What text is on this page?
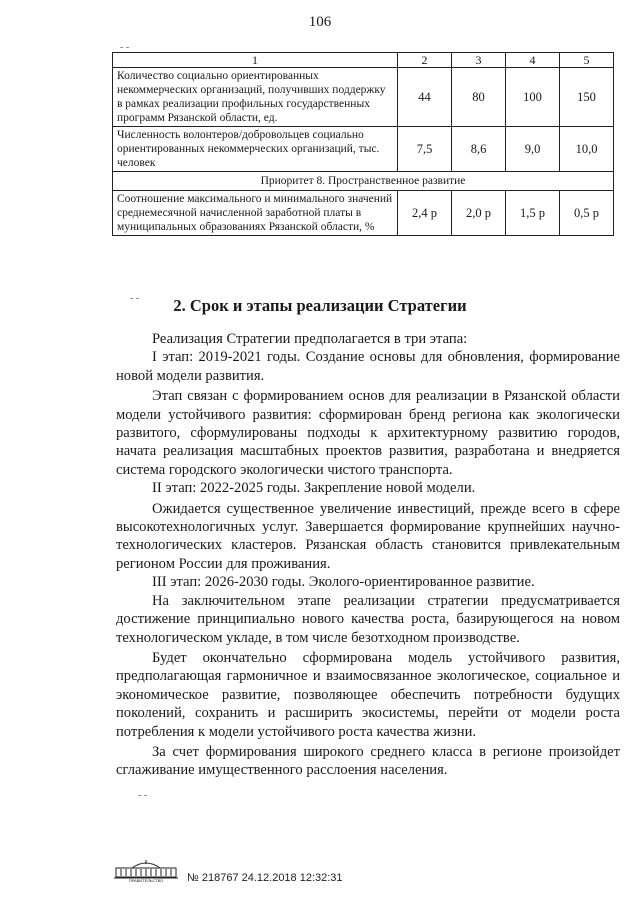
106
- -
1	2	3	4	5
Количество социально ориентированных некоммерческих организаций, получивших поддержку в рамках реализации профильных государственных программ Рязанской области, ед.	44	80	100	150
Численность волонтеров/добровольцев социально ориентированных некоммерческих организаций, тыс. человек	7,5	8,6	9,0	10,0
Приоритет 8. Пространственное развитие				
Соотношение максимального и минимального значений среднемесячной начисленной заработной платы в муниципальных образованиях Рязанской области, %	2,4 р	2,0 р	1,5 р	0,5 р
- -	2. Срок и этапы реализации Стратегии

Реализация Стратегии предполагается в три этапа:

I этап: 2019-2021 годы. Создание основы для обновления, формирование новой модели развития.

Этап связан с формированием основ для реализации в Рязанской области модели устойчивого развития: сформирован бренд региона как экологически развитого, сформулированы подходы к архитектурному развитию городов, начата реализация масштабных проектов развития, разработана и внедряется система городского экологически чистого транспорта.

II этап: 2022-2025 годы. Закрепление новой модели.

Ожидается существенное увеличение инвестиций, прежде всего в сфере высокотехнологичных услуг. Завершается формирование крупнейших научно-технологических кластеров. Рязанская область становится привлекательным регионом России для проживания.

III этап: 2026-2030 годы. Эколого-ориентированное развитие.

На заключительном этапе реализации стратегии предусматривается достижение принципиально нового качества роста, базирующегося на новом технологическом укладе, в том числе безотходном производстве.

Будет окончательно сформирована модель устойчивого развития, предполагающая гармоничное и взаимосвязанное экологическое, социальное и экономическое развитие, позволяющее обеспечить потребности будущих поколений, сохранить и расширить экосистемы, перейти от модели роста потребления к модели устойчивого роста качества жизни.

За счет формирования широкого среднего класса в регионе произойдет сглаживание имущественного расслоения населения.

- -
ПРАВИТЕЛЬСТВО № 218767 24.12.2018 12:32:31
